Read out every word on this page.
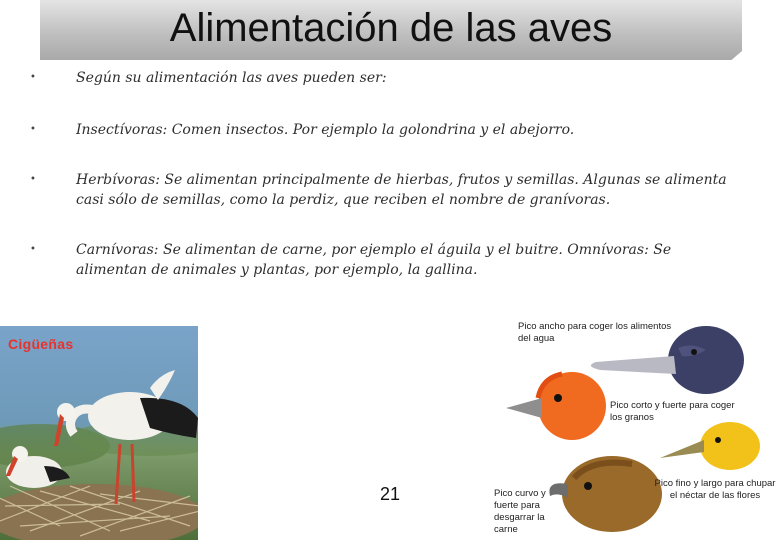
Alimentación de las aves
•	Según su alimentación las aves pueden ser:
•	Insectívoras: Comen insectos. Por ejemplo la golondrina y el abejorro.
•	Herbívoras: Se alimentan principalmente de hierbas, frutos y semillas. Algunas se alimenta casi sólo de semillas, como la perdiz, que reciben el nombre de granívoras.
•	Carnívoras: Se alimentan de carne, por ejemplo el águila y el buitre. Omnívoras: Se alimentan de animales y plantas, por ejemplo, la gallina.
Cigüeñas
Pico ancho para coger los alimentos del agua
Pico corto y fuerte para coger los granos
Pico fino y largo para chupar el néctar de las flores
Pico curvo y fuerte para desgarrar la carne
21
